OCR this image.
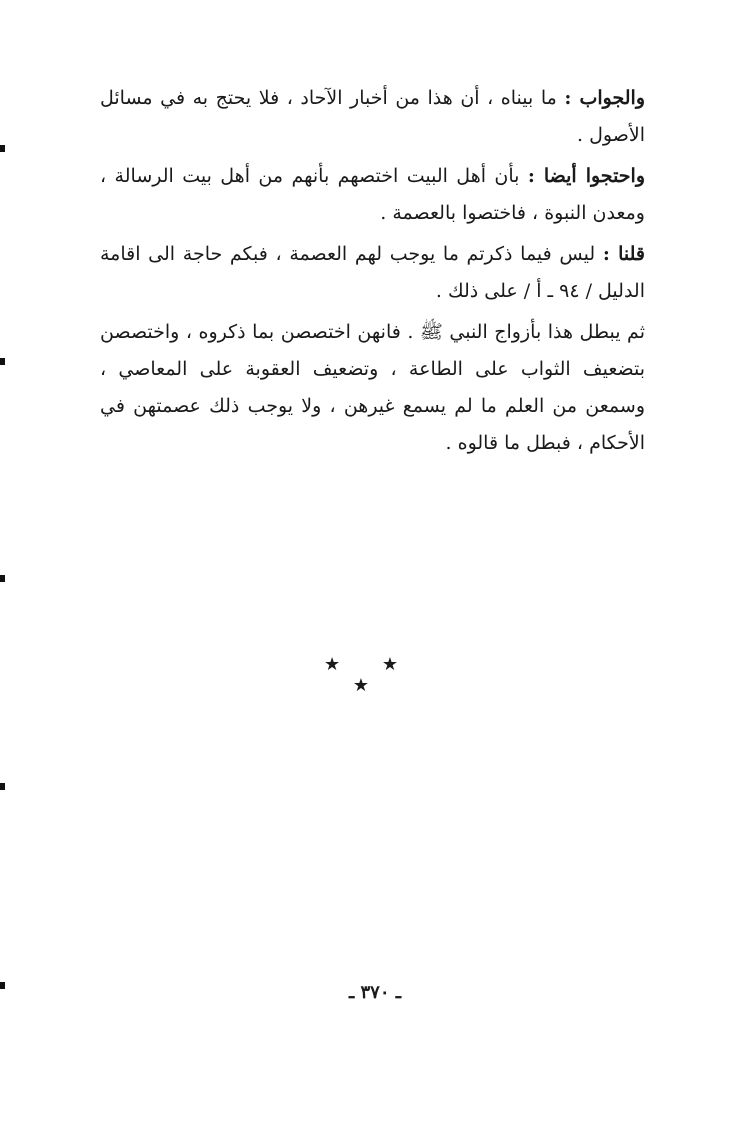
والجواب : ما بيناه ، أن هذا من أخبار الآحاد ، فلا يحتج به في مسائل الأصول .

واحتجوا أيضا : بأن أهل البيت اختصهم بأنهم من أهل بيت الرسالة ، ومعدن النبوة ، فاختصوا بالعصمة .

قلنا : ليس فيما ذكرتم ما يوجب لهم العصمة ، فبكم حاجة الى اقامة الدليل / ٩٤ ـ أ / على ذلك .

ثم يبطل هذا بأزواج النبي ﷺ . فانهن اختصصن بما ذكروه ، واختصصن بتضعيف الثواب على الطاعة ، وتضعيف العقوبة على المعاصي ، وسمعن من العلم ما لم يسمع غيرهن ، ولا يوجب ذلك عصمتهن في الأحكام ، فبطل ما قالوه .

★ ★ ★
ـ ٣٧٠ ـ
